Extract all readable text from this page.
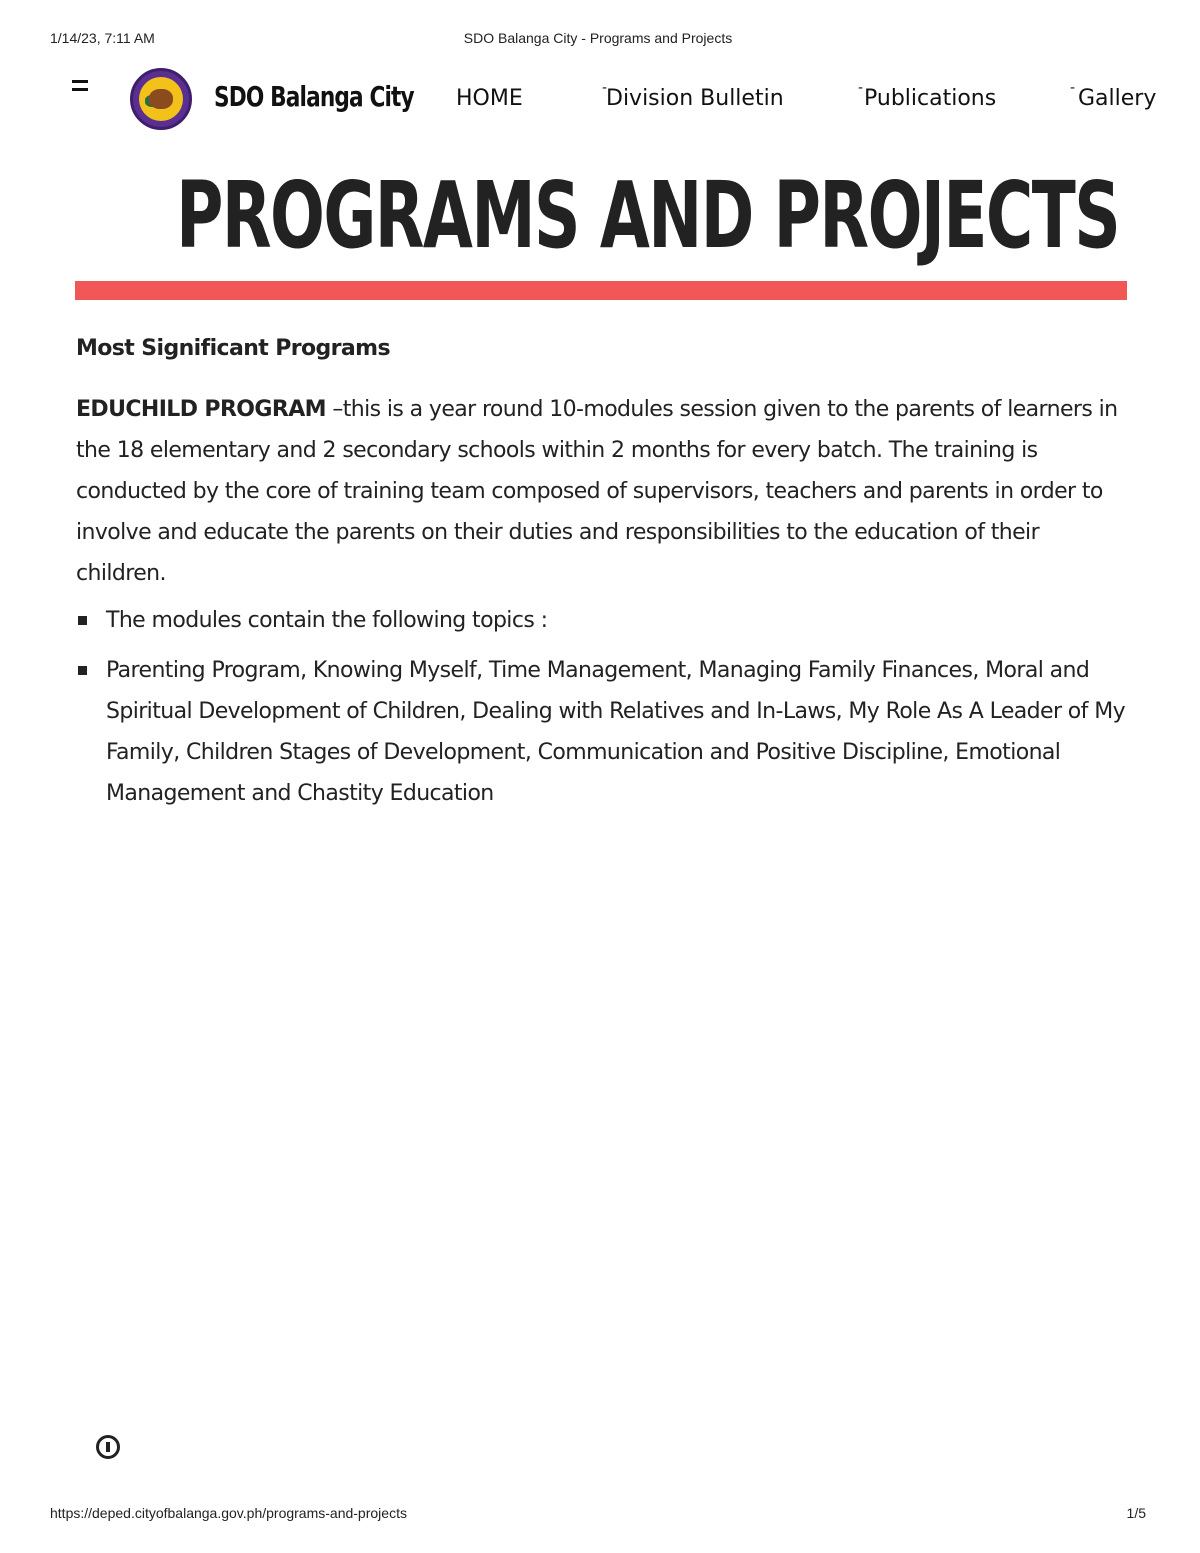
1/14/23, 7:11 AM	SDO Balanga City - Programs and Projects
SDO Balanga City HOME	-
Division Bulletin	- Publications	- Gallery
PROGRAMS AND PROJECTS

Most Significant Programs

EDUCHILD PROGRAM –this is a year round 10-modules session given to the parents of learners in the 18 elementary and 2 secondary schools within 2 months for every batch. The training is conducted by the core of training team composed of supervisors, teachers and parents in order to involve and educate the parents on their duties and responsibilities to the education of their children.

The modules contain the following topics :
Parenting Program, Knowing Myself, Time Management, Managing Family Finances, Moral and Spiritual Development of Children, Dealing with Relatives and In-Laws, My Role As A Leader of My Family, Children Stages of Development, Communication and Positive Discipline, Emotional Management and Chastity Education
https://deped.cityofbalanga.gov.ph/programs-and-projects	1/5
